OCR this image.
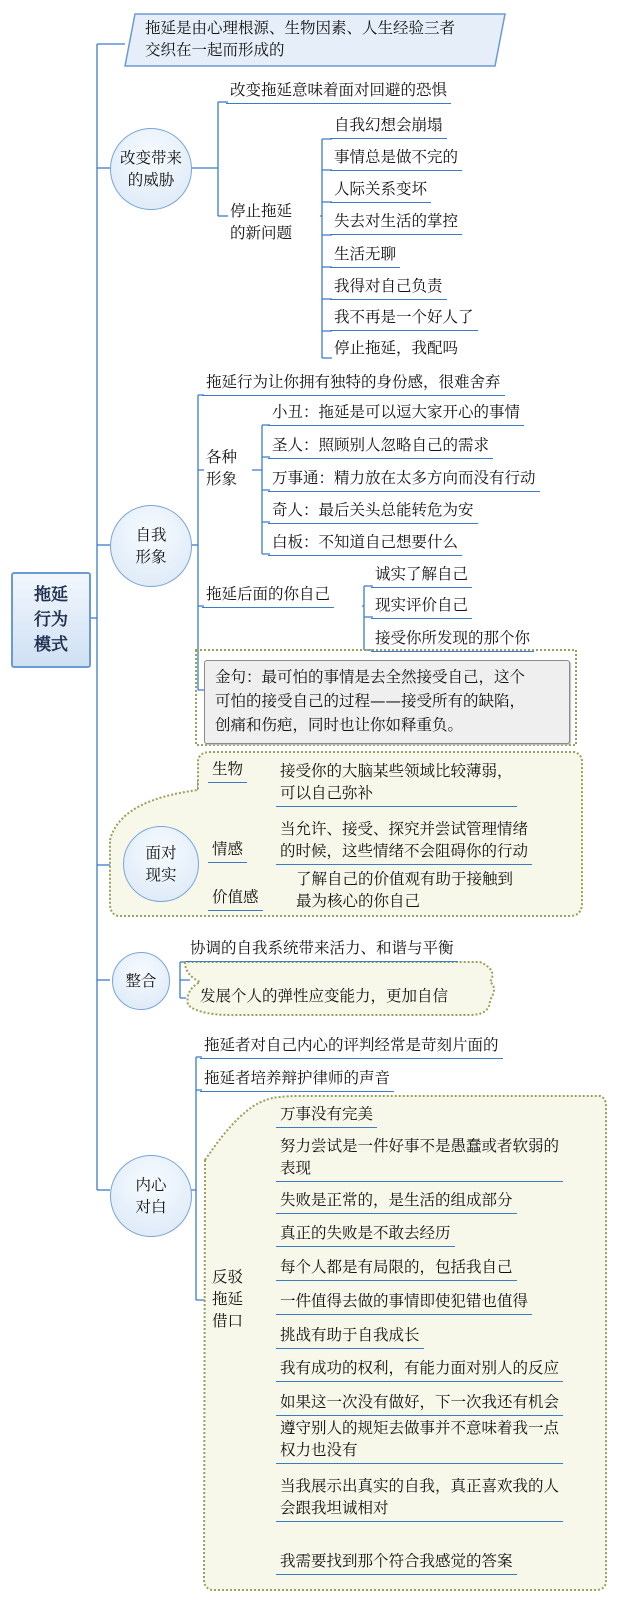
拖延
行为
模式
拖延是由心理根源、生物因素、人生经验三者
交织在一起而形成的
改变带来
的威胁
改变拖延意味着面对回避的恐惧
停止拖延
的新问题
自我幻想会崩塌
事情总是做不完的
人际关系变坏
失去对生活的掌控
生活无聊
我得对自己负责
我不再是一个好人了
停止拖延，我配吗
自我
形象
拖延行为让你拥有独特的身份感，很难舍弃
各种
形象
小丑：拖延是可以逗大家开心的事情
圣人：照顾别人忽略自己的需求
万事通：精力放在太多方向而没有行动
奇人：最后关头总能转危为安
白板：不知道自己想要什么
拖延后面的你自己
诚实了解自己
现实评价自己
接受你所发现的那个你
金句：最可怕的事情是去全然接受自己，这个
可怕的接受自己的过程——接受所有的缺陷，
创痛和伤疤，同时也让你如释重负。
面对
现实
生物 接受你的大脑某些领域比较薄弱，
可以自己弥补
情感
当允许、接受、探究并尝试管理情绪
的时候，这些情绪不会阻碍你的行动
价值感
了解自己的价值观有助于接触到
最为核心的你自己
整合
协调的自我系统带来活力、和谐与平衡
发展个人的弹性应变能力，更加自信
内心
对白
拖延者对自己内心的评判经常是苛刻片面的
拖延者培养辩护律师的声音
反驳
拖延
借口
万事没有完美
努力尝试是一件好事不是愚蠢或者软弱的
表现
失败是正常的，是生活的组成部分
真正的失败是不敢去经历
每个人都是有局限的，包括我自己
一件值得去做的事情即使犯错也值得
挑战有助于自我成长
我有成功的权利，有能力面对别人的反应
如果这一次没有做好，下一次我还有机会
遵守别人的规矩去做事并不意味着我一点
权力也没有
当我展示出真实的自我，真正喜欢我的人
会跟我坦诚相对
我需要找到那个符合我感觉的答案
